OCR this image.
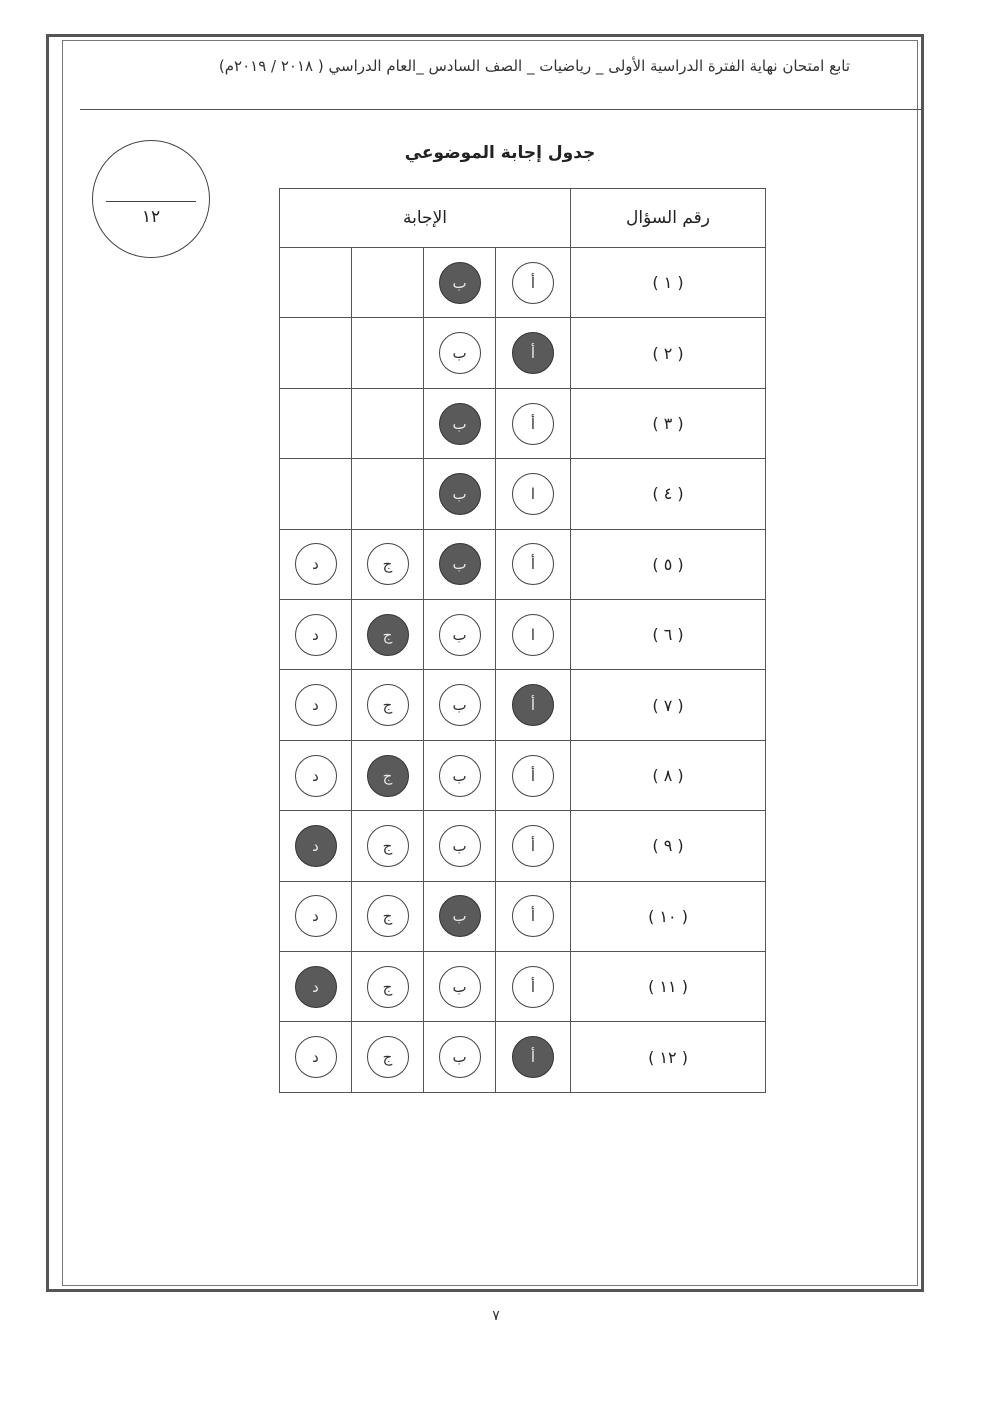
تابع امتحان نهاية الفترة الدراسية الأولى _ رياضيات _ الصف السادس _العام الدراسي ( ٢٠١٨ / ٢٠١٩م)
جدول إجابة الموضوعي
١٢	الإجابة				رقم السؤال
		ب	أ	( ١ )
		ب	أ	( ٢ )
		ب	أ	( ٣ )
		ب	ا	( ٤ )
د	ج	ب	أ	( ٥ )
د	ج	ب	ا	( ٦ )
د	ج	ب	أ	( ٧ )
د	ج	ب	أ	( ٨ )
د	ج	ب	أ	( ٩ )
د	ج	ب	أ	( ١٠ )
د	ج	ب	أ	( ١١ )
د	ج	ب	أ	( ١٢ )
٧
